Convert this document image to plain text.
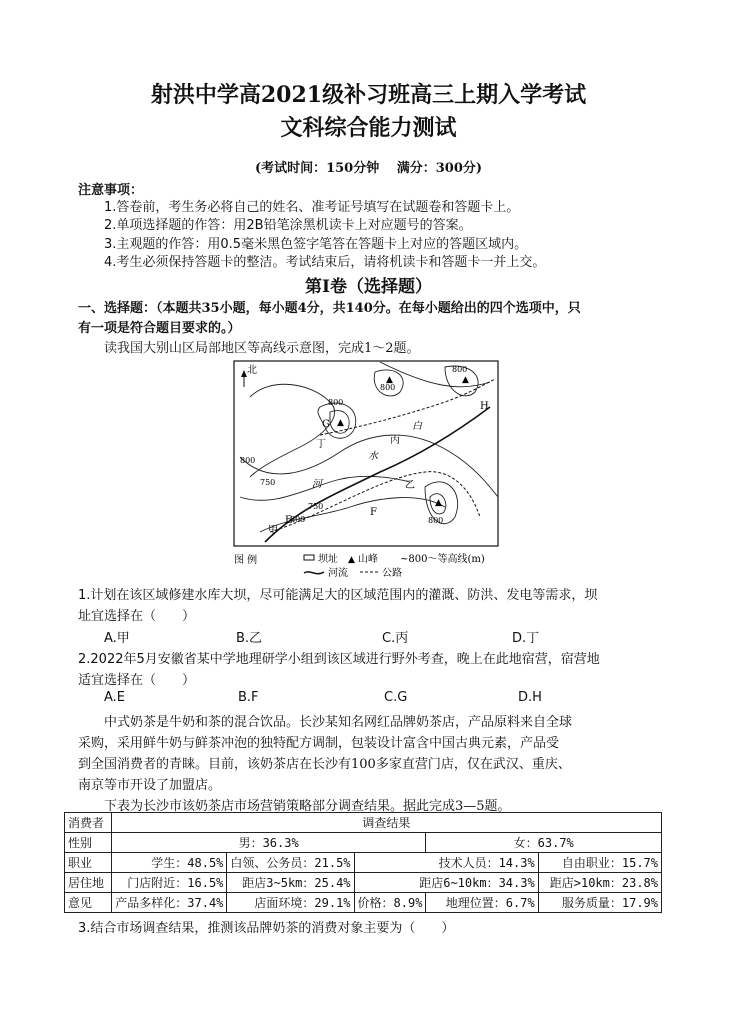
射洪中学高2021级补习班高三上期入学考试
文科综合能力测试
(考试时间：150分钟　 满分：300分)
注意事项：
1.答卷前，考生务必将自己的姓名、准考证号填写在试题卷和答题卡上。
2.单项选择题的作答：用2B铅笔涂黑机读卡上对应题号的答案。
3.主观题的作答：用0.5毫米黑色签字笔答在答题卡上对应的答题区域内。
4.考生必须保持答题卡的整洁。考试结束后，请将机读卡和答题卡一并上交。
第Ⅰ卷（选择题）
一、选择题：（本题共35小题，每小题4分，共140分。在每小题给出的四个选项中，只
有一项是符合题目要求的。）
读我国大别山区局部地区等高线示意图，完成1～2题。
北
▲	▲
▲
▲
800
800
800
800
750
750
800	800
G
H
F
E
丁	丙
乙
甲
白
水
河
图 例	坝址 ▲ 山峰 ~800～等高线(m)
河流	公路
1.计划在该区域修建水库大坝，尽可能满足大的区域范围内的灌溉、防洪、发电等需求，坝
址宜选择在（　　）
A.甲	B.乙	C.丙	D.丁
2.2022年5月安徽省某中学地理研学小组到该区域进行野外考查，晚上在此地宿营，宿营地
适宜选择在（　　）
A.E	B.F	C.G	D.H
中式奶茶是牛奶和茶的混合饮品。长沙某知名网红品牌奶茶店，产品原料来自全球
采购，采用鲜牛奶与鲜茶冲泡的独特配方调制，包装设计富含中国古典元素，产品受
到全国消费者的青睐。目前，该奶茶店在长沙有100多家直营门店，仅在武汉、重庆、
南京等市开设了加盟店。
下表为长沙市该奶茶店市场营销策略部分调查结果。据此完成3—5题。
消费者	调查结果				
性别	男：36.3%			女：63.7%	
职业	学生：48.5%	白领、公务员：21.5%	技术人员：14.3%		自由职业：15.7%
居住地	门店附近：16.5%	距店3~5km：25.4%	距店6~10km：34.3%		距店>10km：23.8%
意见	产品多样化：37.4%	店面环境：29.1%	价格：8.9%	地理位置：6.7%	服务质量：17.9%
3.结合市场调查结果，推测该品牌奶茶的消费对象主要为（　　）
